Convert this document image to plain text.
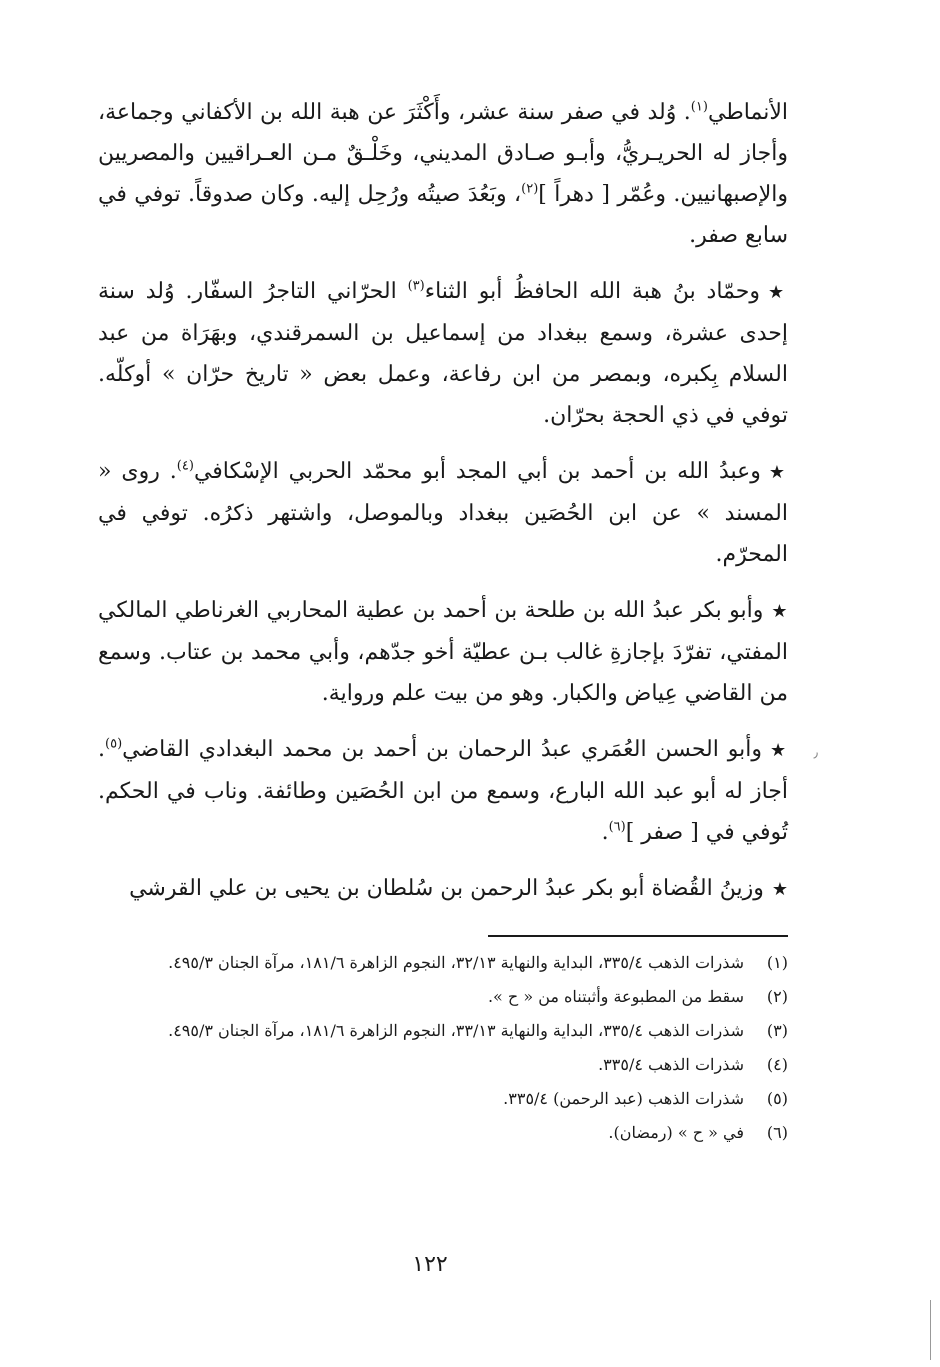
الأنماطي$^{(١)}$. وُلد في صفر سنة عشر، وأَكْثَرَ عن هبة الله بن الأكفاني وجماعة، وأجاز له الحريـريُّ، وأبـو صـادق المديني، وخَلْـقٌ مـن العـراقيين والمصريين والإصبهانيين. وعُمّر [ دهراً ]$^{(٢)}$، وبَعُدَ صيتُه ورُحِل إليه. وكان صدوقاً. توفي في سابع صفر.

★وحمّاد بنُ هبة الله الحافظُ أبو الثناء$^{(٣)}$ الحرّاني التاجرُ السفّار. وُلد سنة إحدى عشرة، وسمع ببغداد من إسماعيل بن السمرقندي، وبهَرَاة من عبد السلام بِكبره، وبمصر من ابن رفاعة، وعمل بعض « تاريخ حرّان » أوكلّه. توفي في ذي الحجة بحرّان.

★وعبدُ الله بن أحمد بن أبي المجد أبو محمّد الحربي الإسْكافي$^{(٤)}$. روى « المسند » عن ابن الحُصَين ببغداد وبالموصل، واشتهر ذكرُه. توفي في المحرّم.

★وأبو بكر عبدُ الله بن طلحة بن أحمد بن عطية المحاربي الغرناطي المالكي المفتي، تفرّدَ بإجازةِ غالب بـن عطيّة أخو جدّهم، وأبي محمد بن عتاب. وسمع من القاضي عِياض والكبار. وهو من بيت علم ورواية.

★وأبو الحسن العُمَري عبدُ الرحمان بن أحمد بن محمد البغدادي القاضي$^{(٥)}$. أجاز له أبو عبد الله البارع، وسمع من ابن الحُصَين وطائفة. وناب في الحكم. تُوفي في [ صفر ]$^{(٦)}$.

★وزينُ القُضاة أبو بكر عبدُ الرحمن بن سُلطان بن يحيى بن علي القرشي

٫

(١)
شذرات الذهب ٣٣٥/٤، البداية والنهاية ٣٢/١٣، النجوم الزاهرة ١٨١/٦، مرآة الجنان ٤٩٥/٣.

(٢)
سقط من المطبوعة وأثبتناه من « ح ».

(٣)
شذرات الذهب ٣٣٥/٤، البداية والنهاية ٣٣/١٣، النجوم الزاهرة ١٨١/٦، مرآة الجنان ٤٩٥/٣.

(٤)
شذرات الذهب ٣٣٥/٤.

(٥)
شذرات الذهب (عبد الرحمن) ٣٣٥/٤.

(٦)
في « ح » (رمضان).

١٢٢
